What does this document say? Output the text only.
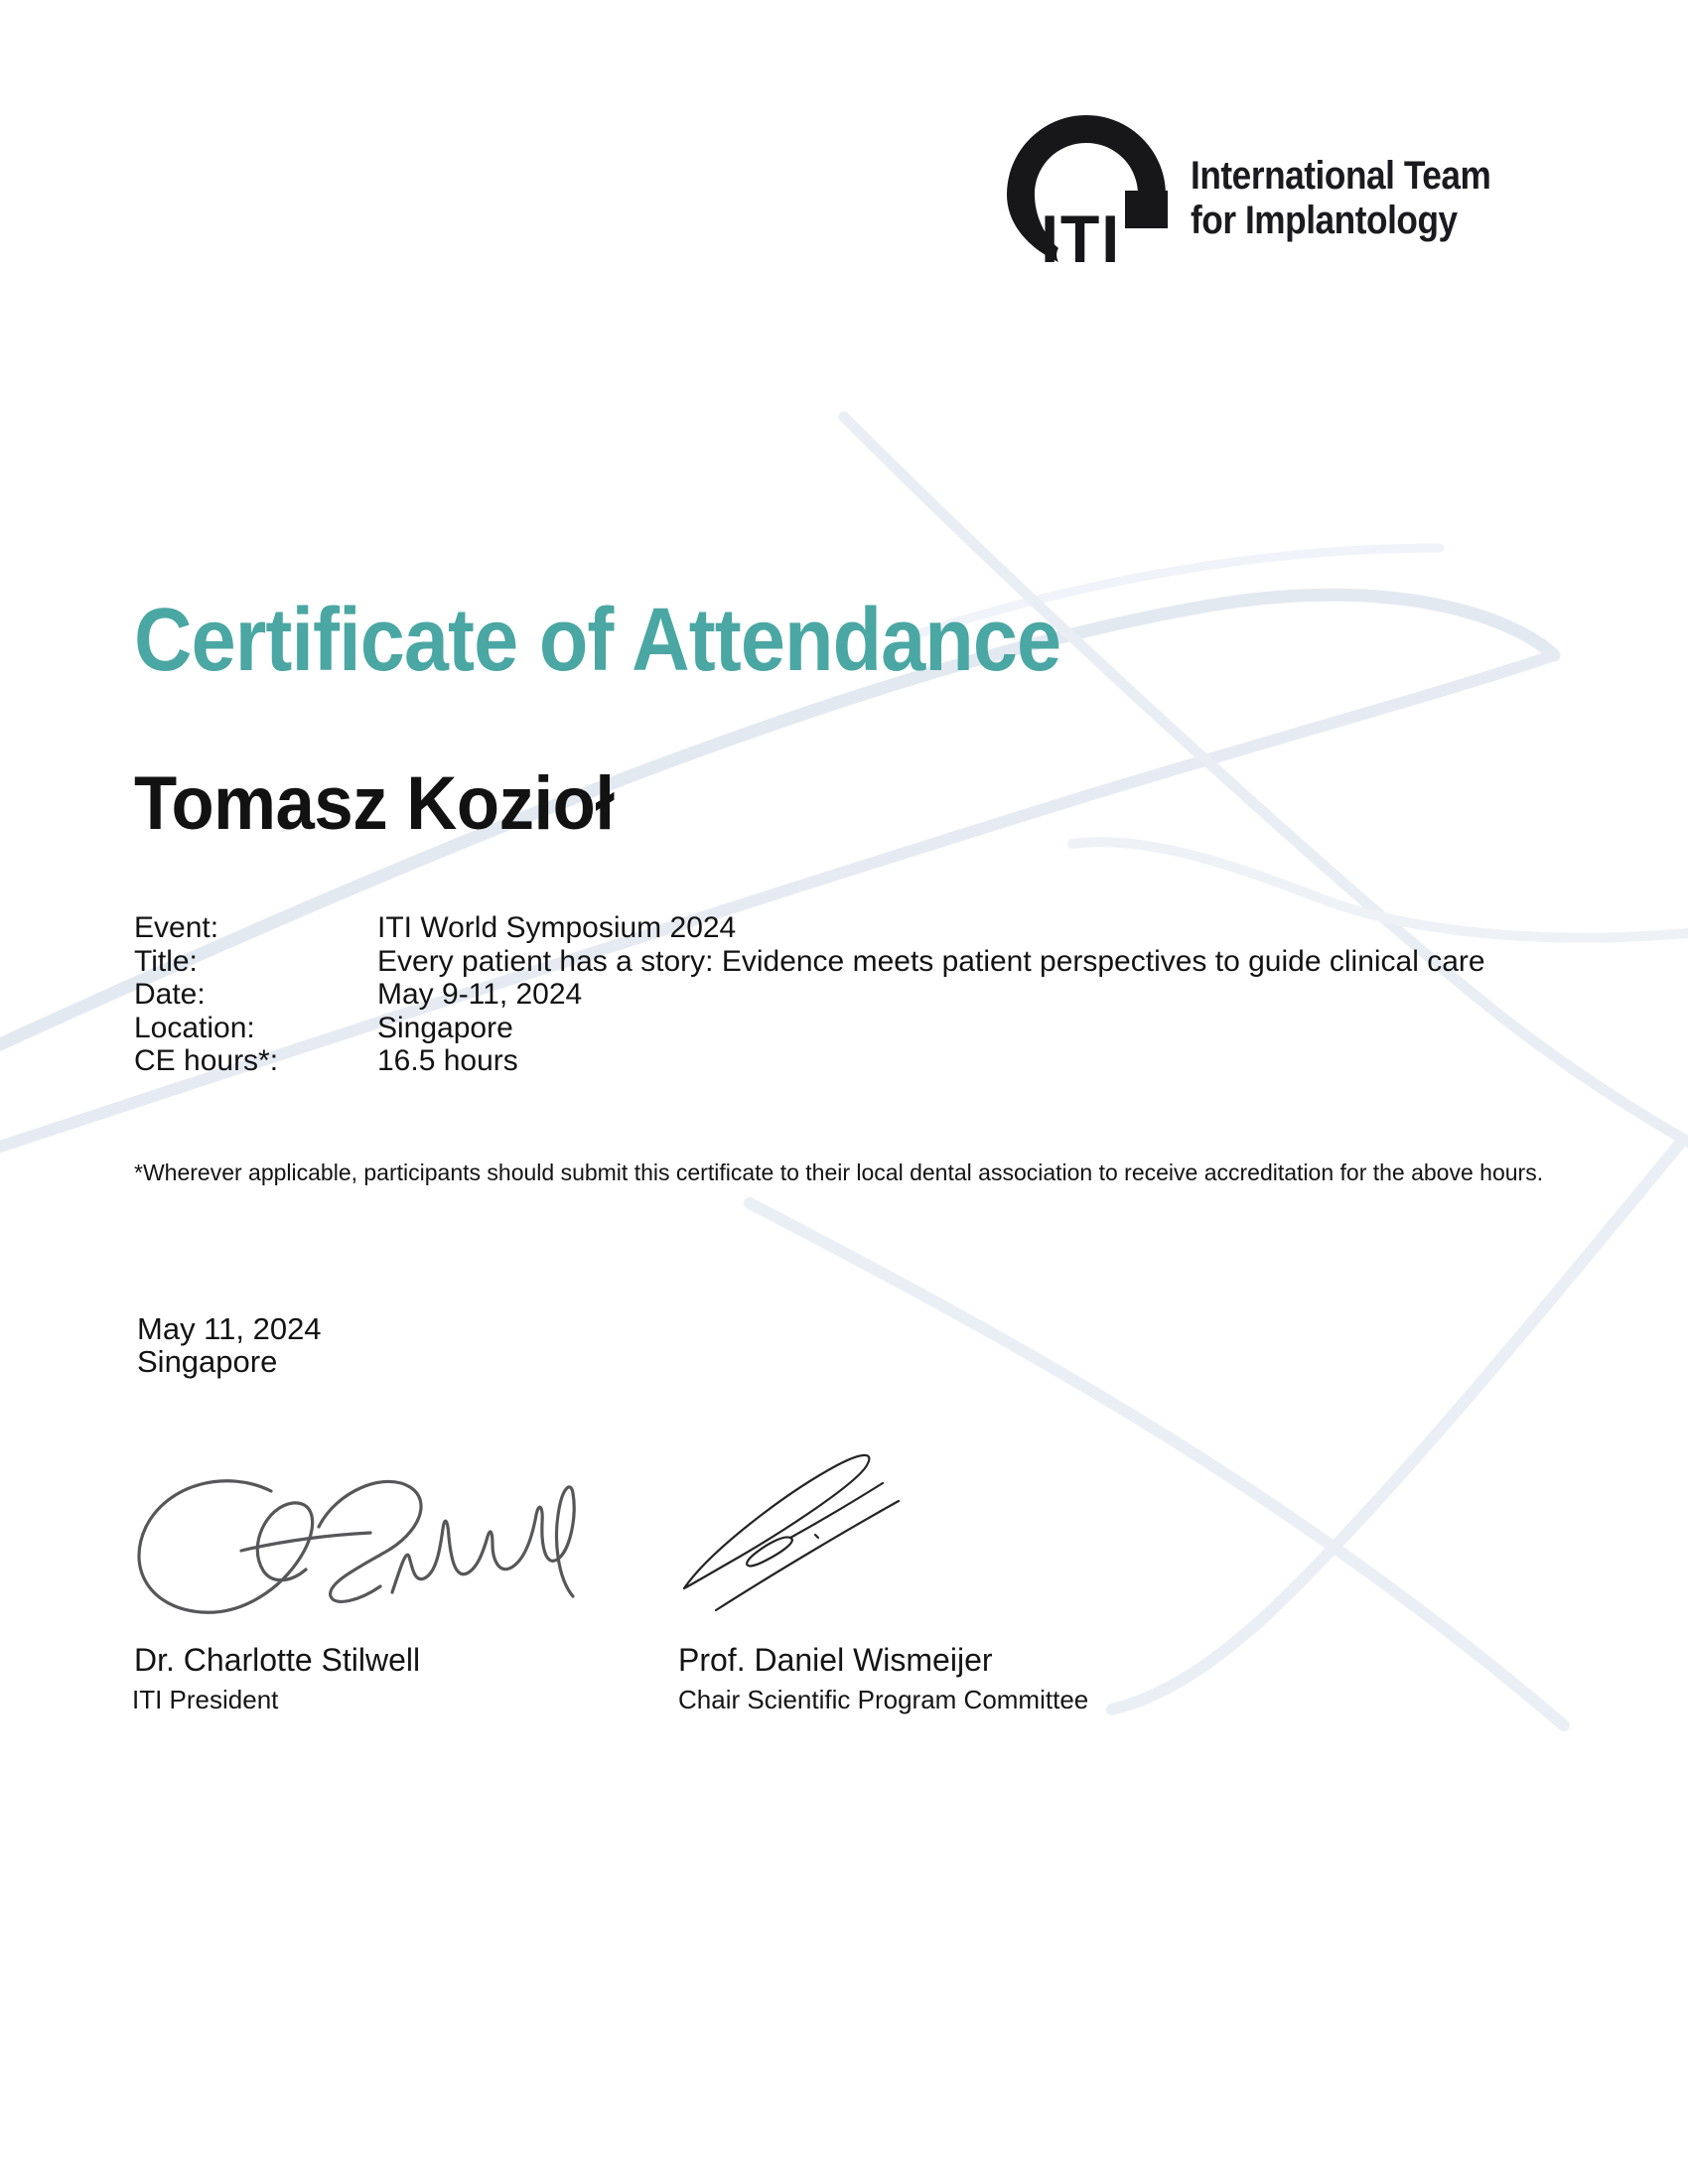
ITI
International Team
for Implantology
Certificate of Attendance
Tomasz Kozioł
Event:	ITI World Symposium 2024
Title:	Every patient has a story: Evidence meets patient perspectives to guide clinical care
Date:	May 9-11, 2024
Location:	Singapore
CE hours*:	16.5 hours
*Wherever applicable, participants should submit this certificate to their local dental association to receive accreditation for the above hours.
May 11, 2024
Singapore
Dr. Charlotte Stilwell
ITI President
Prof. Daniel Wismeijer
Chair Scientific Program Committee
